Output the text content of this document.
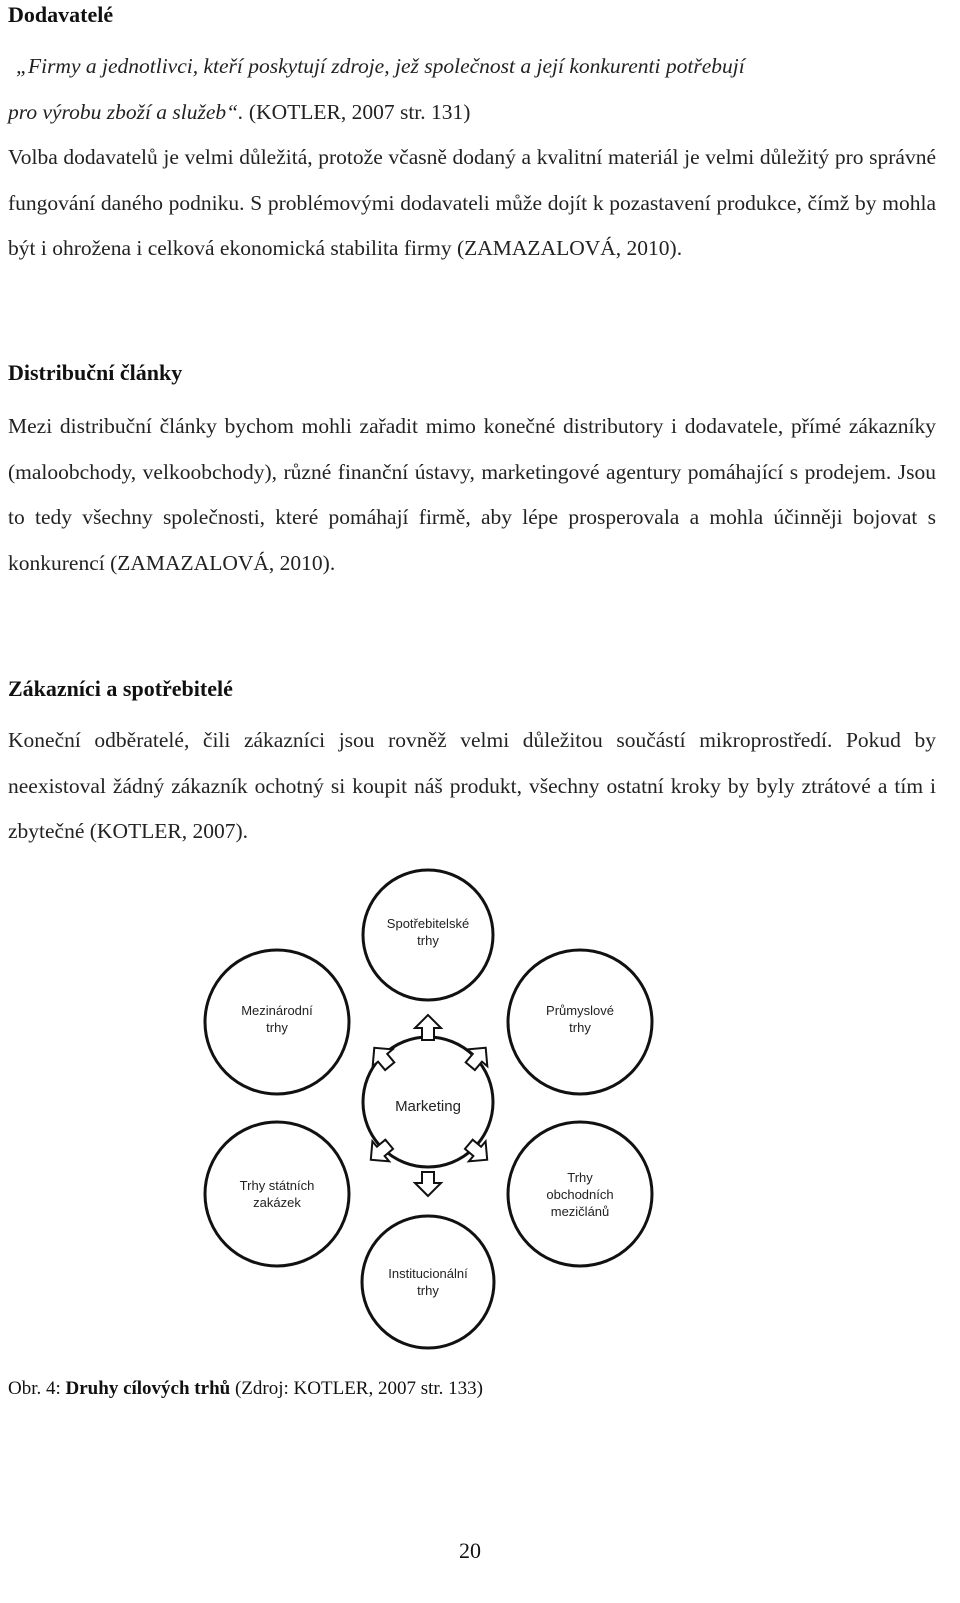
Dodavatelé
„Firmy a jednotlivci, kteří poskytují zdroje, jež společnost a její konkurenti potřebují
pro výrobu zboží a služeb“. (KOTLER, 2007 str. 131)
Volba dodavatelů je velmi důležitá, protože včasně dodaný a kvalitní materiál je velmi důležitý pro správné fungování daného podniku. S problémovými dodavateli může dojít k pozastavení produkce, čímž by mohla být i ohrožena i celková ekonomická stabilita firmy (ZAMAZALOVÁ, 2010).
Distribuční články
Mezi distribuční články bychom mohli zařadit mimo konečné distributory i dodavatele, přímé zákazníky (maloobchody, velkoobchody), různé finanční ústavy, marketingové agentury pomáhající s prodejem. Jsou to tedy všechny společnosti, které pomáhají firmě, aby lépe prosperovala a mohla účinněji bojovat s konkurencí (ZAMAZALOVÁ, 2010).
Zákazníci a spotřebitelé
Koneční odběratelé, čili zákazníci jsou rovněž velmi důležitou součástí mikroprostředí. Pokud by neexistoval žádný zákazník ochotný si koupit náš produkt, všechny ostatní kroky by byly ztrátové a tím i zbytečné (KOTLER, 2007).
Spotřebitelské
trhy
Mezinárodní
trhy
Průmyslové
trhy
Marketing
Trhy státních
zakázek
Trhy
obchodních
mezičlánů
Institucionální
trhy
Obr. 4: Druhy cílových trhů (Zdroj: KOTLER, 2007 str. 133)
20
